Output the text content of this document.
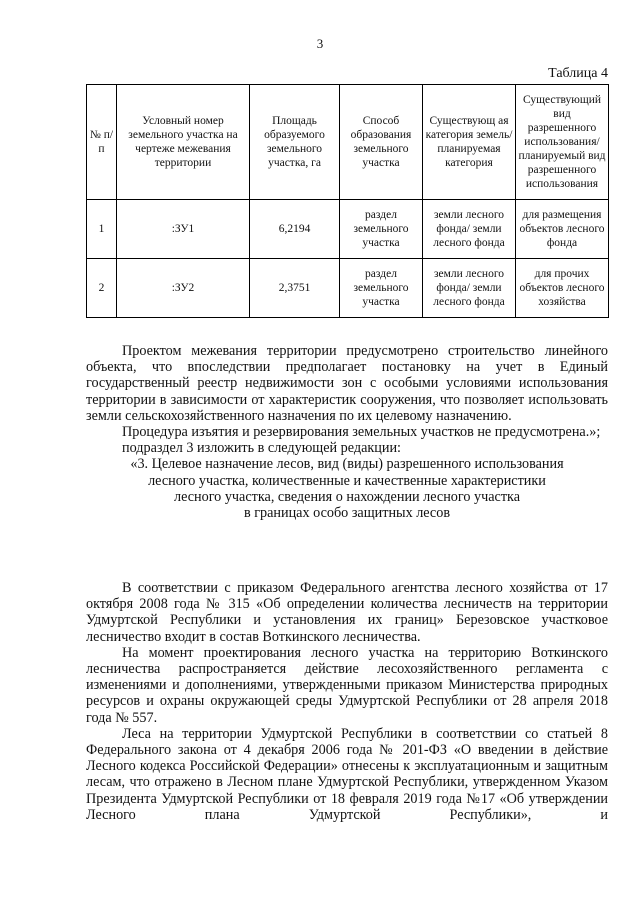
3
Таблица 4
№ п/п	Условный номер земельного участка на чертеже межевания территории	Площадь образуемого земельного участка, га	Способ образования земельного участка	Существующ ая категория земель/ планируемая категория	Существующий вид разрешенного использования/ планируемый вид разрешенного использования
1	:ЗУ1	6,2194	раздел земельного участка	земли лесного фонда/ земли лесного фонда	для размещения объектов лесного фонда
2	:ЗУ2	2,3751	раздел земельного участка	земли лесного фонда/ земли лесного фонда	для прочих объектов лесного хозяйства

Проектом межевания территории предусмотрено строительство линейного объекта, что впоследствии предполагает постановку на учет в Единый государственный реестр недвижимости зон с особыми условиями использования территории в зависимости от характеристик сооружения, что позволяет использовать земли сельскохозяйственного назначения по их целевому назначению.

Процедура изъятия и резервирования земельных участков не предусмотрена.»;

подраздел 3 изложить в следующей редакции:

«3. Целевое назначение лесов, вид (виды) разрешенного использования

лесного участка, количественные и качественные характеристики

лесного участка, сведения о нахождении лесного участка

в границах особо защитных лесов

В соответствии с приказом Федерального агентства лесного хозяйства от 17 октября 2008 года № 315 «Об определении количества лесничеств на территории Удмуртской Республики и установления их границ» Березовское участковое лесничество входит в состав Воткинского лесничества.

На момент проектирования лесного участка на территорию Воткинского лесничества распространяется действие лесохозяйственного регламента с изменениями и дополнениями, утвержденными приказом Министерства природных ресурсов и охраны окружающей среды Удмуртской Республики от 28 апреля 2018 года № 557.

Леса на территории Удмуртской Республики в соответствии со статьей 8 Федерального закона от 4 декабря 2006 года № 201-ФЗ «О введении в действие Лесного кодекса Российской Федерации» отнесены к эксплуатационным и защитным лесам, что отражено в Лесном плане Удмуртской Республики, утвержденном Указом Президента Удмуртской Республики от 18 февраля 2019 года №17 «Об утверждении Лесного плана Удмуртской Республики», и
